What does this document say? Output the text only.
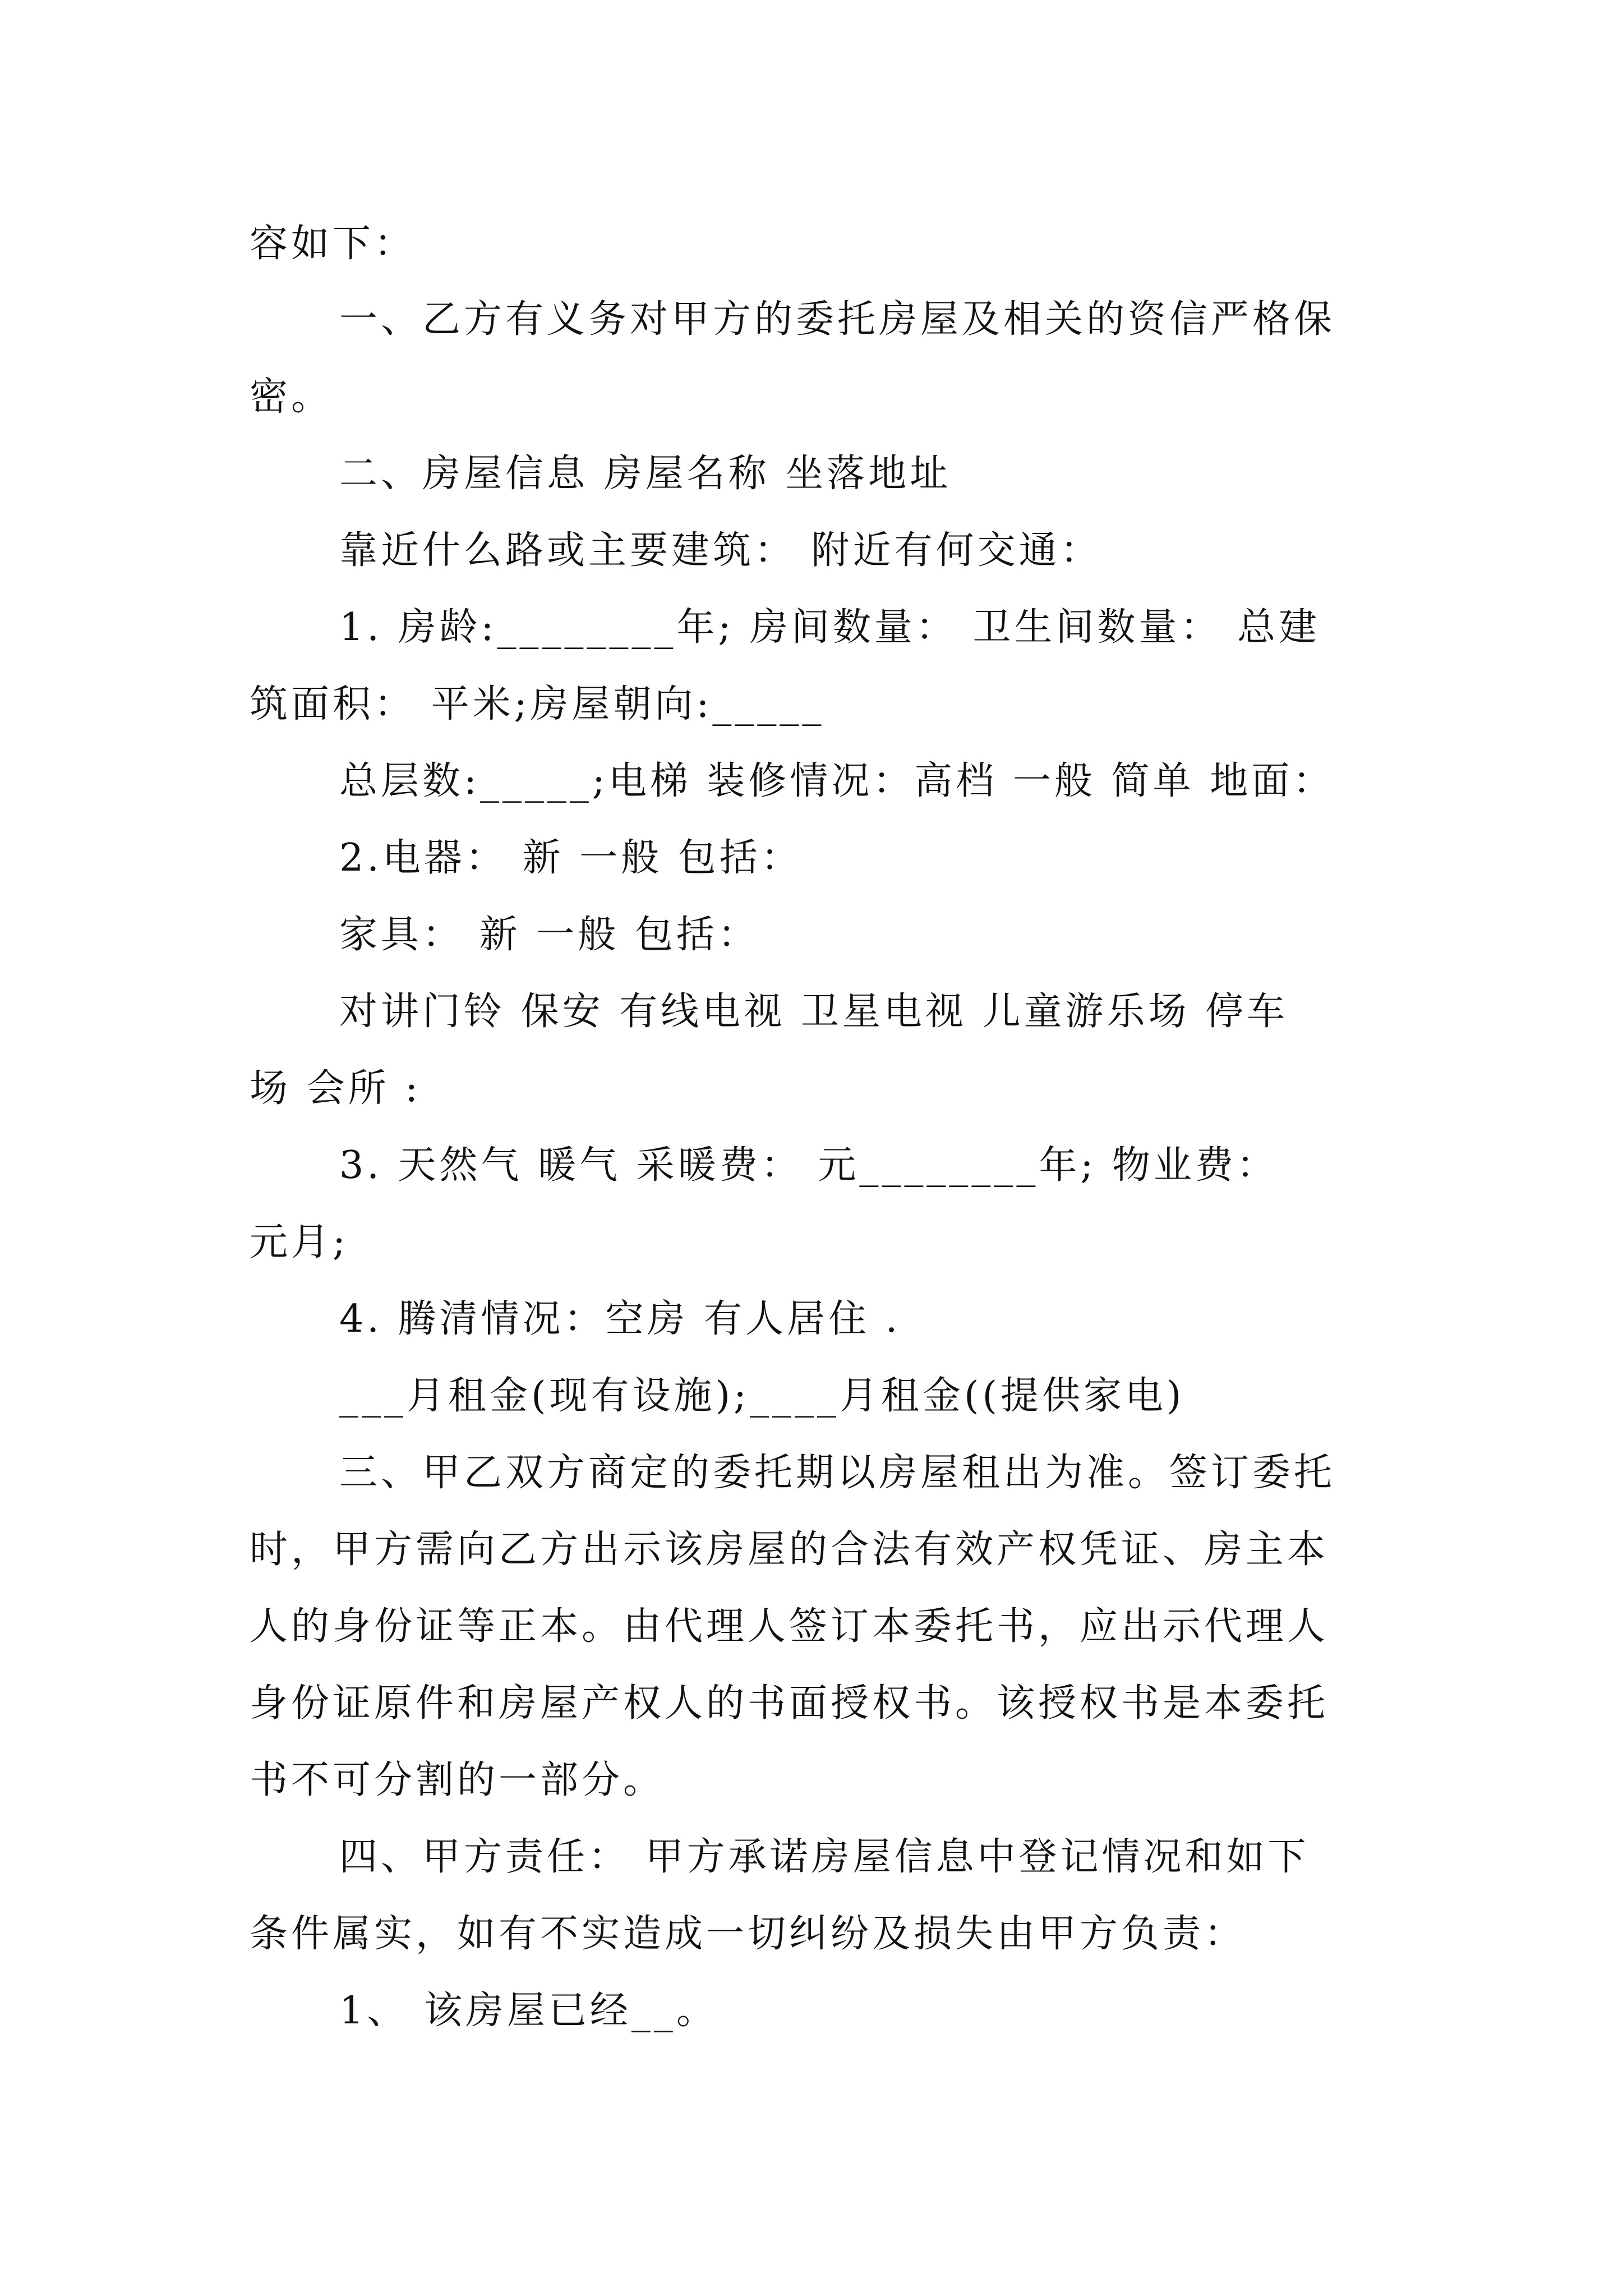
容如下：
一、乙方有义务对甲方的委托房屋及相关的资信严格保
密。
二、房屋信息 房屋名称 坐落地址
靠近什么路或主要建筑： 附近有何交通：
1. 房龄:________年; 房间数量： 卫生间数量： 总建
筑面积： 平米;房屋朝向:_____
总层数:_____;电梯 装修情况：高档 一般 简单 地面：
2.电器： 新 一般 包括：
家具： 新 一般 包括：
对讲门铃 保安 有线电视 卫星电视 儿童游乐场 停车
场 会所 :
3. 天然气 暖气 采暖费： 元________年; 物业费：
元月;
4. 腾清情况：空房 有人居住 .
___月租金(现有设施);____月租金((提供家电)
三、甲乙双方商定的委托期以房屋租出为准。签订委托
时，甲方需向乙方出示该房屋的合法有效产权凭证、房主本
人的身份证等正本。由代理人签订本委托书，应出示代理人
身份证原件和房屋产权人的书面授权书。该授权书是本委托
书不可分割的一部分。
四、甲方责任： 甲方承诺房屋信息中登记情况和如下
条件属实，如有不实造成一切纠纷及损失由甲方负责：
1、 该房屋已经__。
